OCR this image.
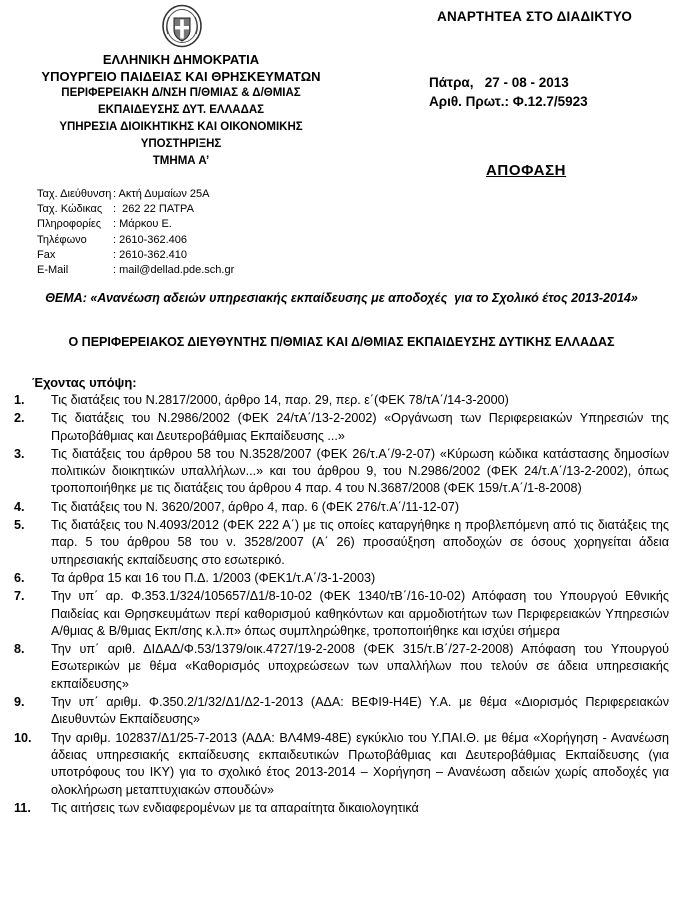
ΑΝΑΡΤΗΤΕΑ ΣΤΟ ΔΙΑΔΙΚΤΥΟ
ΕΛΛΗΝΙΚΗ ΔΗΜΟΚΡΑΤΙΑ
ΥΠΟΥΡΓΕΙΟ ΠΑΙΔΕΙΑΣ ΚΑΙ ΘΡΗΣΚΕΥΜΑΤΩΝ
ΠΕΡΙΦΕΡΕΙΑΚΗ Δ/ΝΣΗ Π/ΘΜΙΑΣ & Δ/ΘΜΙΑΣ
ΕΚΠΑΙΔΕΥΣΗΣ ΔΥΤ. ΕΛΛΑΔΑΣ
ΥΠΗΡΕΣΙΑ ΔΙΟΙΚΗΤΙΚΗΣ ΚΑΙ ΟΙΚΟΝΟΜΙΚΗΣ
ΥΠΟΣΤΗΡΙΞΗΣ
ΤΜΗΜΑ Α’
Πάτρα,   27 - 08 - 2013
Αριθ. Πρωτ.: Φ.12.7/5923
ΑΠΟΦΑΣΗ
Ταχ. Διεύθυνση : Ακτή Δυμαίων 25Α
Ταχ. Κώδικας :  262 22 ΠΑΤΡΑ
Πληροφορίες	: Μάρκου Ε.
Τηλέφωνο	: 2610-362.406
Fax	: 2610-362.410
E-Mail	: mail@dellad.pde.sch.gr
ΘΕΜΑ: «Ανανέωση αδειών υπηρεσιακής εκπαίδευσης με αποδοχές  για το Σχολικό έτος 2013-2014»
Ο ΠΕΡΙΦΕΡΕΙΑΚΟΣ ΔΙΕΥΘΥΝΤΗΣ Π/ΘΜΙΑΣ ΚΑΙ Δ/ΘΜΙΑΣ ΕΚΠΑΙΔΕΥΣΗΣ ΔΥΤΙΚΗΣ ΕΛΛΑΔΑΣ
Έχοντας υπόψη:
1.	Τις διατάξεις του Ν.2817/2000, άρθρο 14, παρ. 29, περ. ε΄(ΦΕΚ 78/τΑ΄/14-3-2000)
2.	Τις διατάξεις του Ν.2986/2002 (ΦΕΚ 24/τΑ΄/13-2-2002) «Οργάνωση των Περιφερειακών Υπηρεσιών της Πρωτοβάθμιας και Δευτεροβάθμιας Εκπαίδευσης ...»
3.	Τις διατάξεις του άρθρου 58 του Ν.3528/2007 (ΦΕΚ 26/τ.Α΄/9-2-07) «Κύρωση κώδικα κατάστασης δημοσίων πολιτικών διοικητικών υπαλλήλων...» και του άρθρου 9, του Ν.2986/2002 (ΦΕΚ 24/τ.Α΄/13-2-2002), όπως τροποποιήθηκε με τις διατάξεις του άρθρου 4 παρ. 4 του Ν.3687/2008 (ΦΕΚ 159/τ.Α΄/1-8-2008)
4.	Τις διατάξεις του Ν. 3620/2007, άρθρο 4, παρ. 6 (ΦΕΚ 276/τ.Α΄/11-12-07)
5.	Τις διατάξεις του Ν.4093/2012 (ΦΕΚ 222 Α΄) με τις οποίες καταργήθηκε η προβλεπόμενη από τις διατάξεις της παρ. 5 του άρθρου 58 του ν. 3528/2007 (Α΄ 26) προσαύξηση αποδοχών σε όσους χορηγείται άδεια υπηρεσιακής εκπαίδευσης στο εσωτερικό.
6.	Τα άρθρα 15 και 16 του Π.Δ. 1/2003 (ΦΕΚ1/τ.Α΄/3-1-2003)
7.	Την υπ΄ αρ. Φ.353.1/324/105657/Δ1/8-10-02 (ΦΕΚ 1340/τΒ΄/16-10-02) Απόφαση του Υπουργού Εθνικής Παιδείας και Θρησκευμάτων περί καθορισμού καθηκόντων και αρμοδιοτήτων των Περιφερειακών Υπηρεσιών Α/θμιας & Β/θμιας Εκπ/σης κ.λ.π» όπως συμπληρώθηκε, τροποποιήθηκε και ισχύει σήμερα
8.	Την υπ΄ αριθ. ΔΙΔΑΔ/Φ.53/1379/οικ.4727/19-2-2008 (ΦΕΚ 315/τ.Β΄/27-2-2008) Απόφαση του Υπουργού Εσωτερικών με θέμα «Καθορισμός υποχρεώσεων των υπαλλήλων που τελούν σε άδεια υπηρεσιακής εκπαίδευσης»
9.	Την υπ΄ αριθμ. Φ.350.2/1/32/Δ1/Δ2-1-2013 (ΑΔΑ: ΒΕΦΙ9-Η4Ε) Υ.Α. με θέμα «Διορισμός Περιφερειακών Διευθυντών Εκπαίδευσης»
10.	Την αριθμ. 102837/Δ1/25-7-2013 (ΑΔΑ: ΒΛ4Μ9-48Ε) εγκύκλιο του Υ.ΠΑΙ.Θ. με θέμα «Χορήγηση - Ανανέωση άδειας υπηρεσιακής εκπαίδευσης εκπαιδευτικών Πρωτοβάθμιας και Δευτεροβάθμιας Εκπαίδευσης (για υποτρόφους του ΙΚΥ) για το σχολικό έτος 2013-2014 – Χορήγηση – Ανανέωση αδειών χωρίς αποδοχές για ολοκλήρωση μεταπτυχιακών σπουδών»
11.	Τις αιτήσεις των ενδιαφερομένων με τα απαραίτητα δικαιολογητικά
